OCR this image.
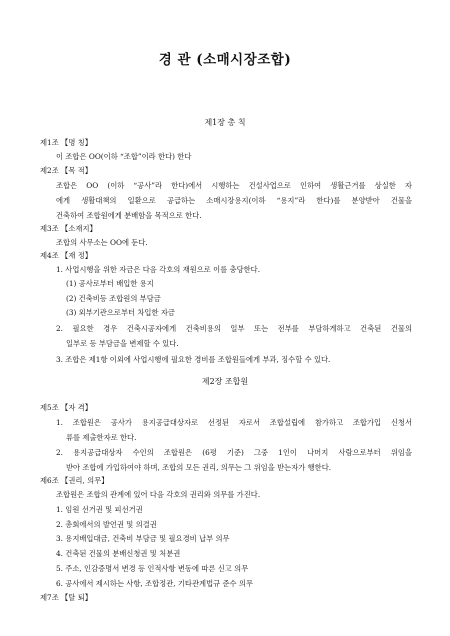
경 관 (소매시장조합)
제1장 총 칙
제1조 【명 칭】
이 조합은 OO(이하 “조합”이라 한다) 한다
제2조 【목 적】
조합은 OO (이하 “공사”라 한다)에서 시행하는 건설사업으로 인하여 생활근거를 상실한 자
에게 생활대책의 일환으로 공급하는 소매시장용지(이하 “용지”라 한다)를 분양받아 건물을
건축하여 조합원에게 분배함을 목적으로 한다.
제3조 【소재지】
조합의 사무소는 OO에 둔다.
제4조 【재 정】
1. 사업시행을 위한 자금은 다음 각호의 재원으로 이를 충당한다.
(1) 공사로부터 배입한 용지
(2) 건축비등 조합원의 부담금
(3) 외부기관으로부터 차입한 자금
2. 필요한 경우 건축시공자에게 건축비용의 일부 또는 전부를 부담하게하고 건축된 건물의
일부로 등 부담금을 변제할 수 있다.
3. 조합은 제1항 이외에 사업시행에 필요한 경비를 조합원들에게 부과, 징수할 수 있다.
제2장 조합원
제5조 【자 격】
1. 조합원은 공사가 용지공급대상자로 선정된 자로서 조합설립에 참가하고 조합가입 신청서
류를 제출한자로 한다.
2. 용지공급대상자 수인의 조합원은 (6평 기준) 그중 1인이 나머지 사람으로부터 위임을
받아 조합에 가입하여야 하며, 조합의 모든 권리, 의무는 그 위임을 받는자가 행한다.
제6조 【권리, 의무】
조합원은 조합의 관계에 있어 다음 각호의 권리와 의무를 가진다.
1. 임원 선거권 및 피선거권
2. 총회에서의 발언권 및 의결권
3. 용지배입대금, 건축비 부담금 및 필요경비 납부 의무
4. 건축된 건물의 분배신청권 및 처분권
5. 주소, 인감증명서 변경 등 인적사항 변동에 따른 신고 의무
6. 공사에서 제시하는 사항, 조합정관, 기타관계법규 준수 의무
제7조 【탈 퇴】
